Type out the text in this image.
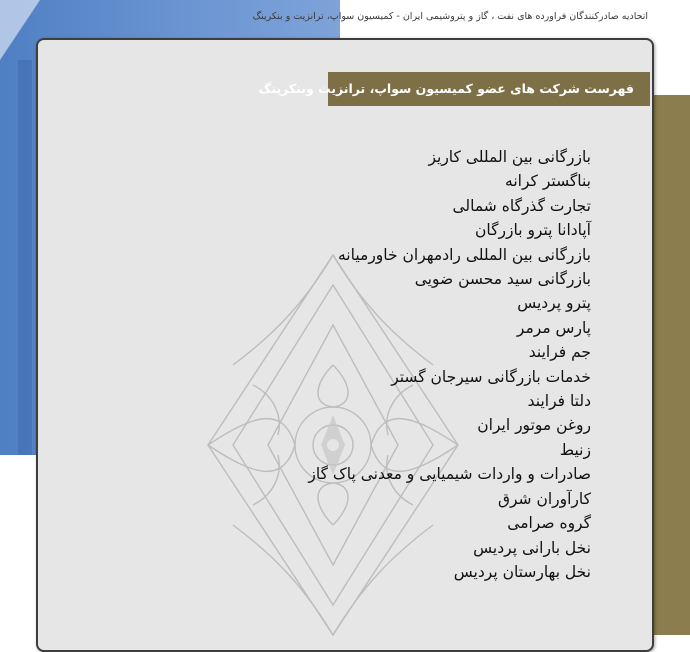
اتحادیه صادرکنندگان فراورده های نفت ، گاز و پتروشیمی ایران - کمیسیون سواپ، ترانزیت و بنکرینگ
فهرست شرکت های عضو کمیسیون سواپ، ترانزیت وبنکرینگ
بازرگانی بین المللی کاریز
بناگستر کرانه
تجارت گذرگاه شمالی
آپادانا پترو بازرگان
بازرگانی بین المللی رادمهران خاورمیانه
بازرگانی سید محسن ضویی
پترو پردیس
پارس مرمر
جم فرایند
خدمات بازرگانی سیرجان گستر
دلتا فرایند
روغن موتور ایران
زنیط
صادرات و واردات شیمیایی و معدنی پاک گاز
کارآوران شرق
گروه صرامی
نخل بارانی پردیس
نخل بهارستان پردیس
